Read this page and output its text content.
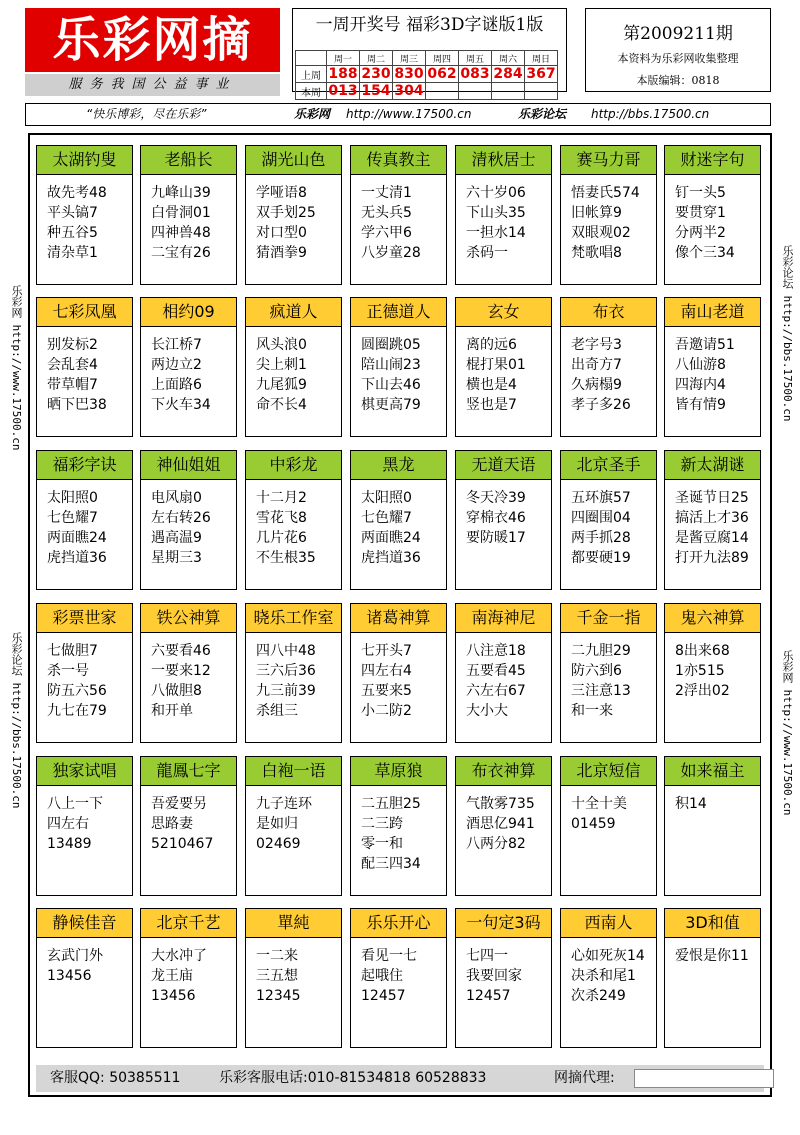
乐彩网摘
服务我国公益事业
一周开奖号 福彩3D字谜版1版
	周一	周二	周三	周四	周五	周六	周日
上周	188	230	830	062	083	284	367
本周	013	154	304				
第2009211期
本资料为乐彩网收集整理
本版编辑：0818
“快乐博彩，尽在乐彩”	乐彩网 http://www.17500.cn	乐彩论坛 http://bbs.17500.cn
乐彩网 http://www.17500.cn
乐彩论坛 http://bbs.17500.cn
乐彩论坛 http://bbs.17500.cn
乐彩网 http://www.17500.cn
太湖钓叟
故先考48
平头镐7
种五谷5
清杂草1
老船长
九峰山39
白骨洞01
四神兽48
二宝有26
湖光山色
学哑语8
双手划25
对口型0
猜酒拳9
传真教主
一丈清1
无头兵5
学六甲6
八岁童28
清秋居士
六十岁06
下山头35
一担水14
杀码一
赛马力哥
悟妻氏574
旧帐算9
双眼观02
梵歌唱8
财迷字句
钉一头5
要贯穿1
分两半2
像个三34
七彩凤凰
别发标2
会乱套4
带草帽7
晒下巴38
相约09
长江桥7
两边立2
上面路6
下火车34
疯道人
风头浪0
尖上刺1
九尾狐9
命不长4
正德道人
圆圈跳05
陪山闹23
下山去46
棋更高79
玄女
离的远6
棍打果01
横也是4
竖也是7
布衣
老字号3
出奇方7
久病榻9
孝子多26
南山老道
吾邀请51
八仙游8
四海内4
皆有情9
福彩字诀
太阳照0
七色耀7
两面瞧24
虎挡道36
神仙姐姐
电风扇0
左右转26
遇高温9
星期三3
中彩龙
十二月2
雪花飞8
几片花6
不生根35
黑龙
太阳照0
七色耀7
两面瞧24
虎挡道36
无道天语
冬天冷39
穿棉衣46
要防暖17
北京圣手
五环旗57
四圈围04
两手抓28
都要硬19
新太湖谜
圣诞节日25
搞活上才36
是酱豆腐14
打开九法89
彩票世家
七做胆7
杀一号
防五六56
九七在79
铁公神算
六要看46
一要来12
八做胆8
和开单
晓乐工作室
四八中48
三六后36
九三前39
杀组三
诸葛神算
七开头7
四左右4
五要来5
小二防2
南海神尼
八注意18
五要看45
六左右67
大小大
千金一指
二九胆29
防六到6
三注意13
和一来
鬼六神算
8出来68
1亦515
2浮出02
独家试唱
八上一下
四左右
13489
龍鳳七字
吾爱要另
思路妻
5210467
白袍一语
九子连环
是如归
02469
草原狼
二五胆25
二三跨
零一和
配三四34
布衣神算
气散雾735
酒思亿941
八两分82
北京短信
十全十美
01459
如来福主
积14
静候佳音
玄武门外
13456
北京千艺
大水冲了
龙王庙
13456
單純
一二来
三五想
12345
乐乐开心
看见一七
起哦住
12457
一句定3码
七四一
我要回家
12457
西南人
心如死灰14
决杀和尾1
次杀249
3D和值
爱恨是你11
客服QQ: 50385511	乐彩客服电话:010-81534818 60528833	网摘代理:
